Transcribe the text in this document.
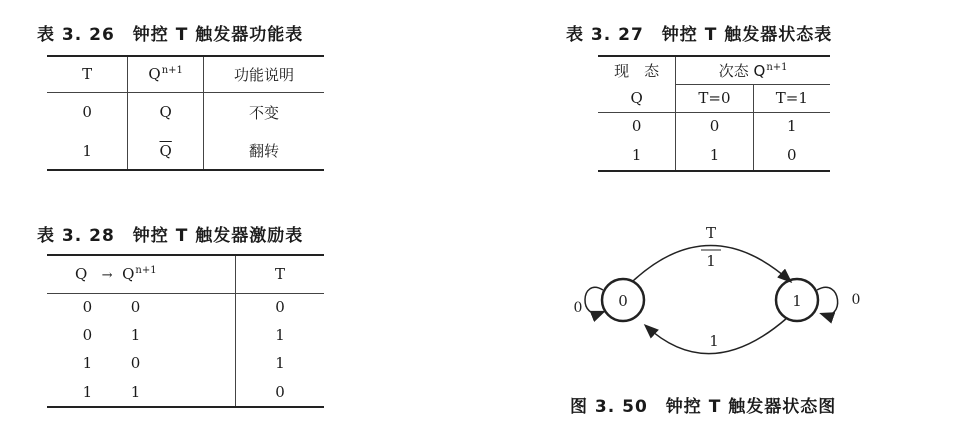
表 3. 26　钟控 T 触发器功能表
T	$Q^{n+1}$	功能说明
0	Q	不变
1	$\overline{Q}$	翻转
表 3. 27　钟控 T 触发器状态表
现　态	次态 $Q^{n+1}$
Q	T=0	T=1
0	0	1
1	1	0
表 3. 28　钟控 T 触发器激励表
$Q \to Q^{n+1}$		T
0	0	0
0	1	1
1	0	1
1	1	0
0	1
T
1
1
0	0
图 3. 50　钟控 T 触发器状态图
